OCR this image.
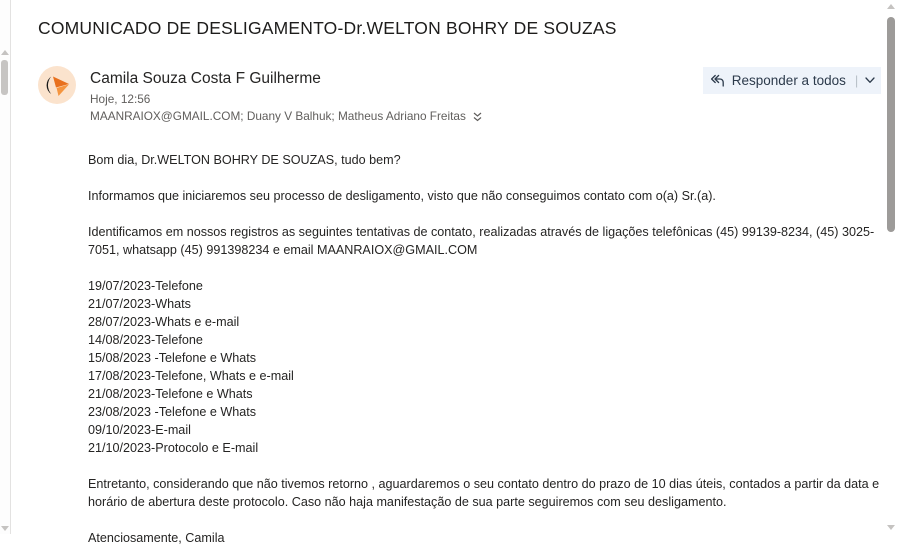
COMUNICADO DE DESLIGAMENTO-Dr.WELTON BOHRY DE SOUZAS
Camila Souza Costa F Guilherme
Hoje, 12:56
MAANRAIOX@GMAIL.COM; Duany V Balhuk; Matheus Adriano Freitas
Responder a todos |
Bom dia, Dr.WELTON BOHRY DE SOUZAS, tudo bem?
Informamos que iniciaremos seu processo de desligamento, visto que não conseguimos contato com o(a) Sr.(a).
Identificamos em nossos registros as seguintes tentativas de contato, realizadas através de ligações telefônicas (45) 99139-8234, (45) 3025-7051, whatsapp (45) 991398234 e email MAANRAIOX@GMAIL.COM
19/07/2023-Telefone
21/07/2023-Whats
28/07/2023-Whats e e-mail
14/08/2023-Telefone
15/08/2023 -Telefone e Whats
17/08/2023-Telefone, Whats e e-mail
21/08/2023-Telefone e Whats
23/08/2023 -Telefone e Whats
09/10/2023-E-mail
21/10/2023-Protocolo e E-mail
Entretanto, considerando que não tivemos retorno , aguardaremos o seu contato dentro do prazo de 10 dias úteis, contados a partir da data e horário de abertura deste protocolo. Caso não haja manifestação de sua parte seguiremos com seu desligamento.
Atenciosamente, Camila
